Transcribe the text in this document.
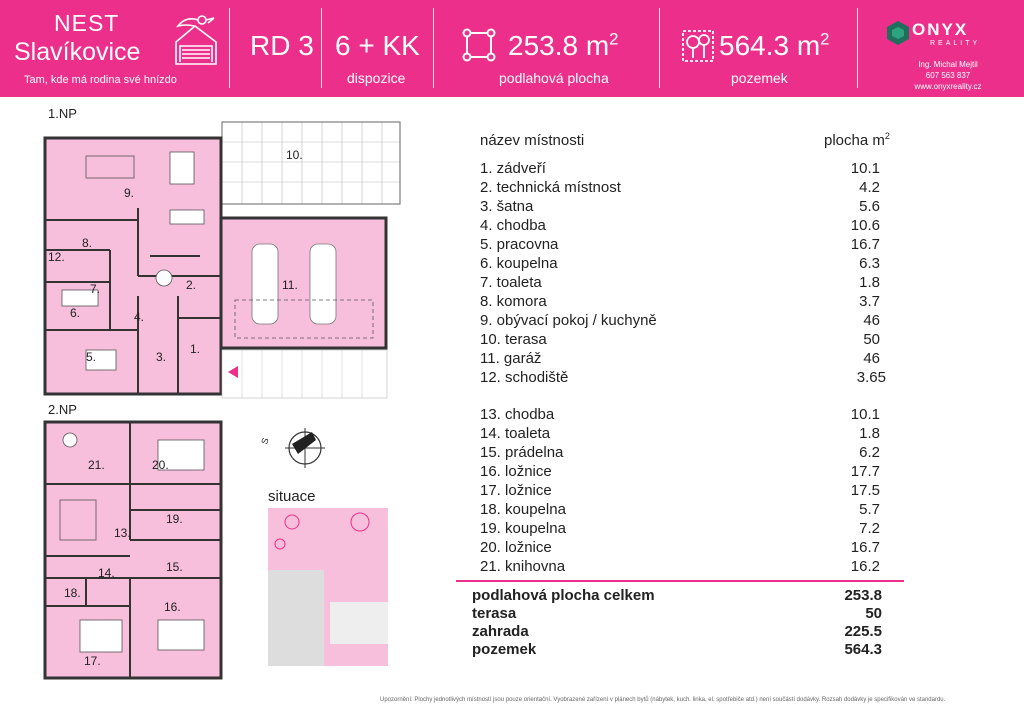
NEST
Slavíkovice
Tam, kde má rodina své hnízdo
RD 3 6 + KK
dispozice
253.8 $m^2$
podlahová plocha
564.3 $m^2$
pozemek
ONYX
REALITY
Ing. Michal Mejtil
607 563 837
www.onyxreality.cz
1.NP
2.NP
9.
10.
8.
12.
7.	2.	11.
6.	4.
1.
5.	3.
21.	20.
19.
13.
14.	15.
18.
16.
17.
situace
S
název místnosti	plocha $m^2$
1. zádveří	10.1
2. technická místnost	4.2
3. šatna	5.6
4. chodba	10.6
5. pracovna	16.7
6. koupelna	6.3
7. toaleta	1.8
8. komora	3.7
9. obývací pokoj / kuchyně	46
10. terasa	50
11. garáž	46
12. schodiště	3.65
13. chodba	10.1
14. toaleta	1.8
15. prádelna	6.2
16. ložnice	17.7
17. ložnice	17.5
18. koupelna	5.7
19. koupelna	7.2
20. ložnice	16.7
21. knihovna	16.2
podlahová plocha celkem	253.8
terasa	50
zahrada	225.5
pozemek	564.3
Upozornění: Plochy jednotlivých místností jsou pouze orientační. Vyobrazené zařízení v plánech bytů (nábytek, kuch. linka, el. spotřebiče atd.) není součástí dodávky. Rozsah dodávky je specifikován ve standardu.
